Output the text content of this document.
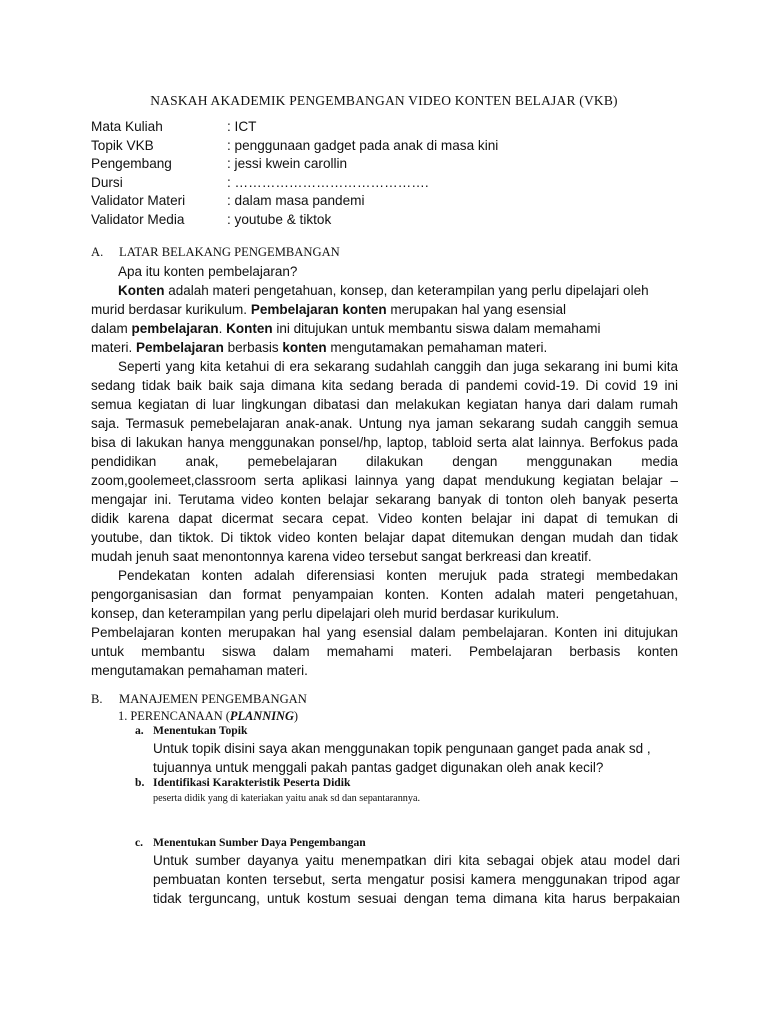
NASKAH AKADEMIK PENGEMBANGAN VIDEO KONTEN BELAJAR (VKB)
Mata Kuliah	: ICT
Topik VKB	: penggunaan gadget pada anak di masa kini
Pengembang	: jessi kwein carollin
Dursi	: …………………………………….
Validator Materi	: dalam masa pandemi
Validator Media	: youtube & tiktok
A. LATAR BELAKANG PENGEMBANGAN
Apa itu konten pembelajaran?
Konten adalah materi pengetahuan, konsep, dan keterampilan yang perlu dipelajari oleh
murid berdasar kurikulum. Pembelajaran konten merupakan hal yang esensial
dalam pembelajaran. Konten ini ditujukan untuk membantu siswa dalam memahami
materi. Pembelajaran berbasis konten mengutamakan pemahaman materi.
Seperti yang kita ketahui di era sekarang sudahlah canggih dan juga sekarang ini bumi kita
sedang tidak baik baik saja dimana kita sedang berada di pandemi covid-19. Di covid 19 ini
semua kegiatan di luar lingkungan dibatasi dan melakukan kegiatan hanya dari dalam rumah
saja. Termasuk pemebelajaran anak-anak. Untung nya jaman sekarang sudah canggih semua
bisa di lakukan hanya menggunakan ponsel/hp, laptop, tabloid serta alat lainnya. Berfokus pada
pendidikan anak, pemebelajaran dilakukan dengan menggunakan media
zoom,goolemeet,classroom serta aplikasi lainnya yang dapat mendukung kegiatan belajar –
mengajar ini. Terutama video konten belajar sekarang banyak di tonton oleh banyak peserta
didik karena dapat dicermat secara cepat. Video konten belajar ini dapat di temukan di
youtube, dan tiktok. Di tiktok video konten belajar dapat ditemukan dengan mudah dan tidak
mudah jenuh saat menontonnya karena video tersebut sangat berkreasi dan kreatif.
Pendekatan konten adalah diferensiasi konten merujuk pada strategi membedakan
pengorganisasian dan format penyampaian konten. Konten adalah materi pengetahuan,
konsep, dan keterampilan yang perlu dipelajari oleh murid berdasar kurikulum.
Pembelajaran konten merupakan hal yang esensial dalam pembelajaran. Konten ini ditujukan
untuk membantu siswa dalam memahami materi. Pembelajaran berbasis konten
mengutamakan pemahaman materi.
B. MANAJEMEN PENGEMBANGAN
1. PERENCANAAN (PLANNING)
a. Menentukan Topik
Untuk topik disini saya akan menggunakan topik pengunaan ganget pada anak sd ,
tujuannya untuk menggali pakah pantas gadget digunakan oleh anak kecil?
b. Identifikasi Karakteristik Peserta Didik
peserta didik yang di kateriakan yaitu anak sd dan sepantarannya.
c. Menentukan Sumber Daya Pengembangan
Untuk sumber dayanya yaitu menempatkan diri kita sebagai objek atau model dari
pembuatan konten tersebut, serta mengatur posisi kamera menggunakan tripod agar
tidak terguncang, untuk kostum sesuai dengan tema dimana kita harus berpakaian
